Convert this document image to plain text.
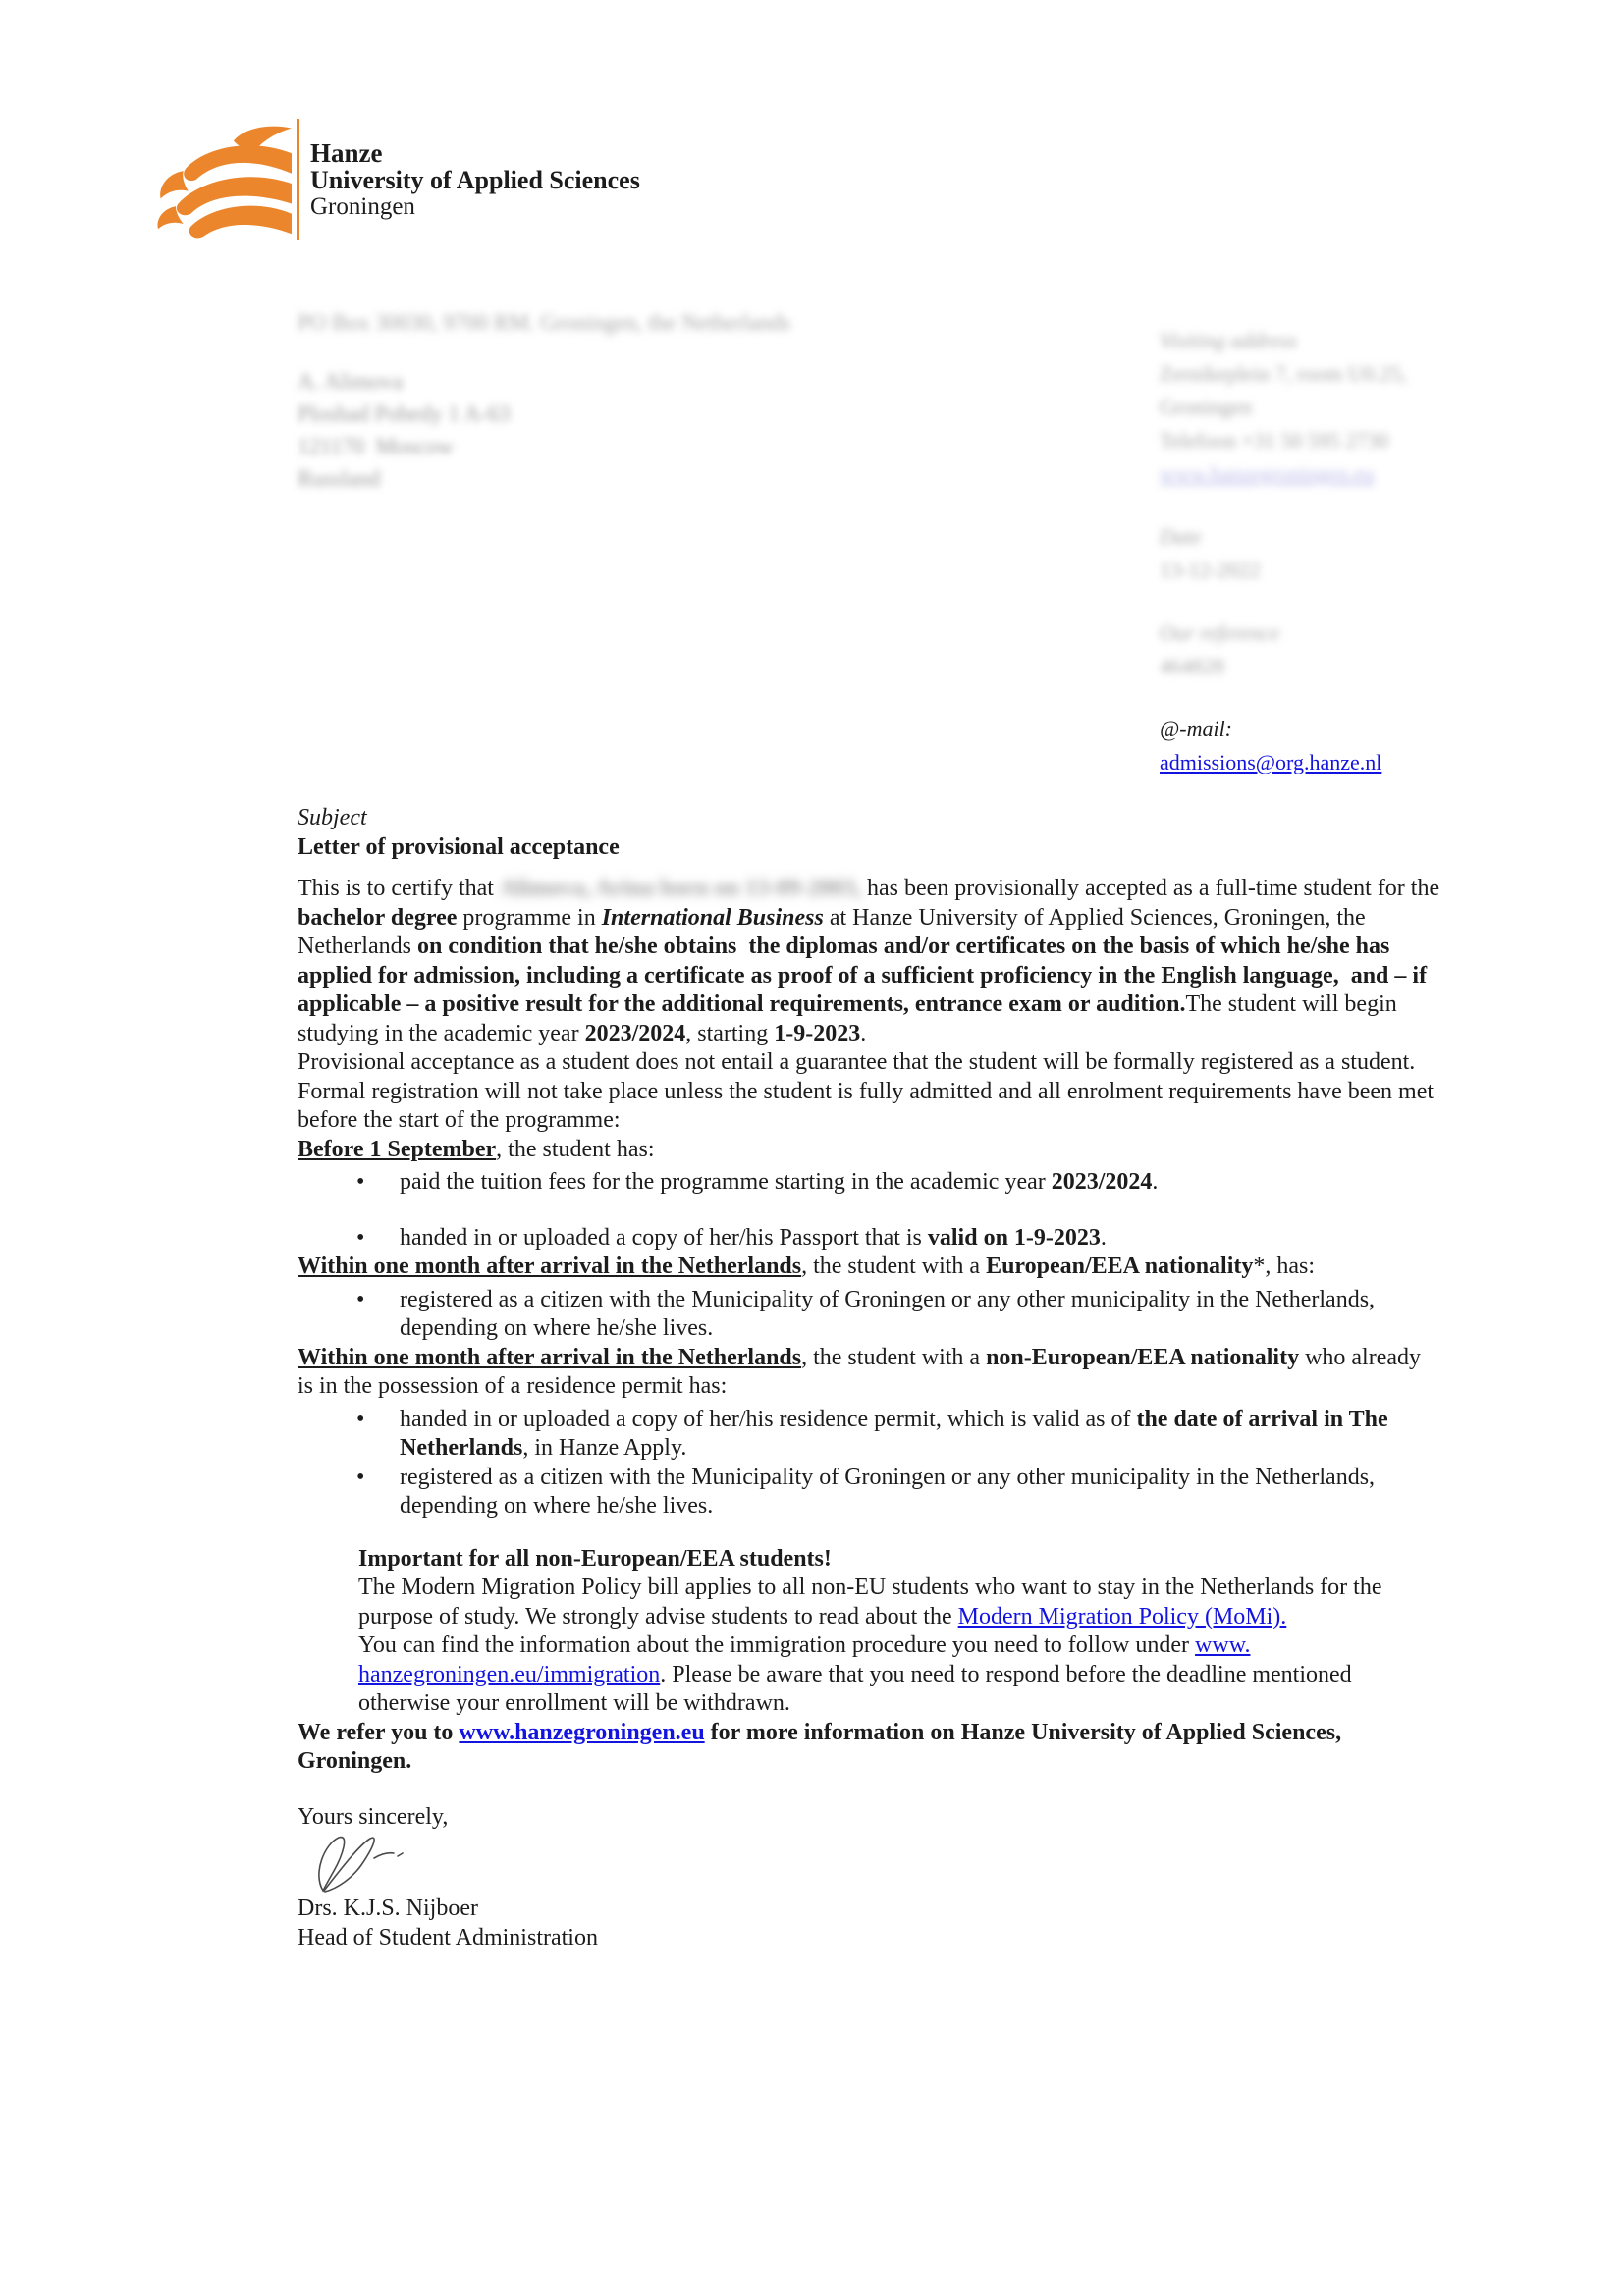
Hanze
University of Applied Sciences
Groningen
PO Box 30030, 9700 RM. Groningen, the Netherlands
A. Alimova
Ploshad Pobedy 1 A-63
121170  Moscow
Russland
Visiting address
Zernikeplein 7, room U0.25,
Groningen
Telefoon +31 50 595 2730
www.hanzegroningen.eu
Date
13-12-2022
Our reference
464828
@-mail:
admissions@org.hanze.nl
Subject
Letter of provisional acceptance

This is to certify that Alimova, Arina born on 13-09-2003, has been provisionally accepted as a full-time student for the bachelor degree programme in International Business at Hanze University of Applied Sciences, Groningen, the Netherlands on condition that he/she obtains  the diplomas and/or certificates on the basis of which he/she has applied for admission, including a certificate as proof of a sufficient proficiency in the English language,  and – if applicable – a positive result for the additional requirements, entrance exam or audition.The student will begin studying in the academic year 2023/2024, starting 1-9-2023.

Provisional acceptance as a student does not entail a guarantee that the student will be formally registered as a student. Formal registration will not take place unless the student is fully admitted and all enrolment requirements have been met before the start of the programme:

Before 1 September, the student has:

• paid the tuition fees for the programme starting in the academic year 2023/2024.
• handed in or uploaded a copy of her/his Passport that is valid on 1-9-2023.

Within one month after arrival in the Netherlands, the student with a European/EEA nationality*, has:

• registered as a citizen with the Municipality of Groningen or any other municipality in the Netherlands, depending on where he/she lives.

Within one month after arrival in the Netherlands, the student with a non-European/EEA nationality who already is in the possession of a residence permit has:

• handed in or uploaded a copy of her/his residence permit, which is valid as of the date of arrival in The Netherlands, in Hanze Apply.
• registered as a citizen with the Municipality of Groningen or any other municipality in the Netherlands, depending on where he/she lives.

Important for all non-European/EEA students!

The Modern Migration Policy bill applies to all non-EU students who want to stay in the Netherlands for the purpose of study. We strongly advise students to read about the Modern Migration Policy (MoMi).
You can find the information about the immigration procedure you need to follow under www. hanzegroningen.eu/immigration. Please be aware that you need to respond before the deadline mentioned otherwise your enrollment will be withdrawn.

We refer you to www.hanzegroningen.eu for more information on Hanze University of Applied Sciences, Groningen.

Yours sincerely,

Drs. K.J.S. Nijboer
Head of Student Administration
